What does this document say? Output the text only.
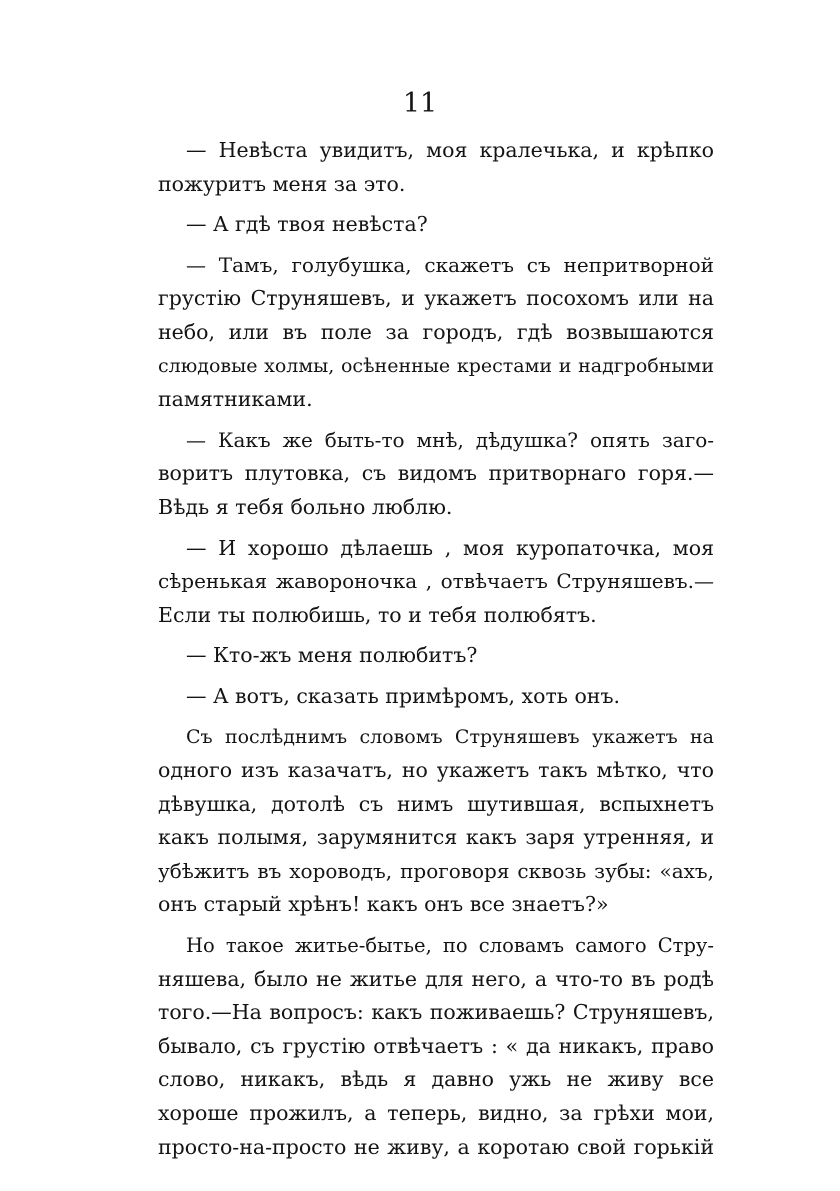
11
— Невѣста увидитъ, моя кралечька, и крѣпко
пожуритъ меня за это.
— А гдѣ твоя невѣста?
— Тамъ, голубушка, скажетъ съ непритворной
грустію Струняшевъ, и укажетъ посохомъ или на
небо, или въ поле за городъ, гдѣ возвышаются
слюдовые холмы, осѣненные крестами и надгробными
памятниками.
— Какъ же быть-то мнѣ, дѣдушка? опять заго-
воритъ плутовка, съ видомъ притворнаго горя.—
Вѣдь я тебя больно люблю.
— И хорошо дѣлаешь , моя куропаточка, моя
сѣренькая жавороночка , отвѣчаетъ Струняшевъ.—
Если ты полюбишь, то и тебя полюбятъ.
— Кто-жъ меня полюбитъ?
— А вотъ, сказать примѣромъ, хоть онъ.
Съ послѣднимъ словомъ Струняшевъ укажетъ на
одного изъ казачатъ, но укажетъ такъ мѣтко, что
дѣвушка, дотолѣ съ нимъ шутившая, вспыхнетъ
какъ полымя, зарумянится какъ заря утренняя, и
убѣжитъ въ хороводъ, проговоря сквозь зубы: «ахъ,
онъ старый хрѣнъ! какъ онъ все знаетъ?»
Но такое житье-бытье, по словамъ самого Стру-
няшева, было не житье для него, а что-то въ родѣ
того.—На вопросъ: какъ поживаешь? Струняшевъ,
бывало, съ грустію отвѣчаетъ : « да никакъ, право
слово, никакъ, вѣдь я давно ужь не живу все
хороше прожилъ, а теперь, видно, за грѣхи мои,
просто-на-просто не живу, а коротаю свой горькій
